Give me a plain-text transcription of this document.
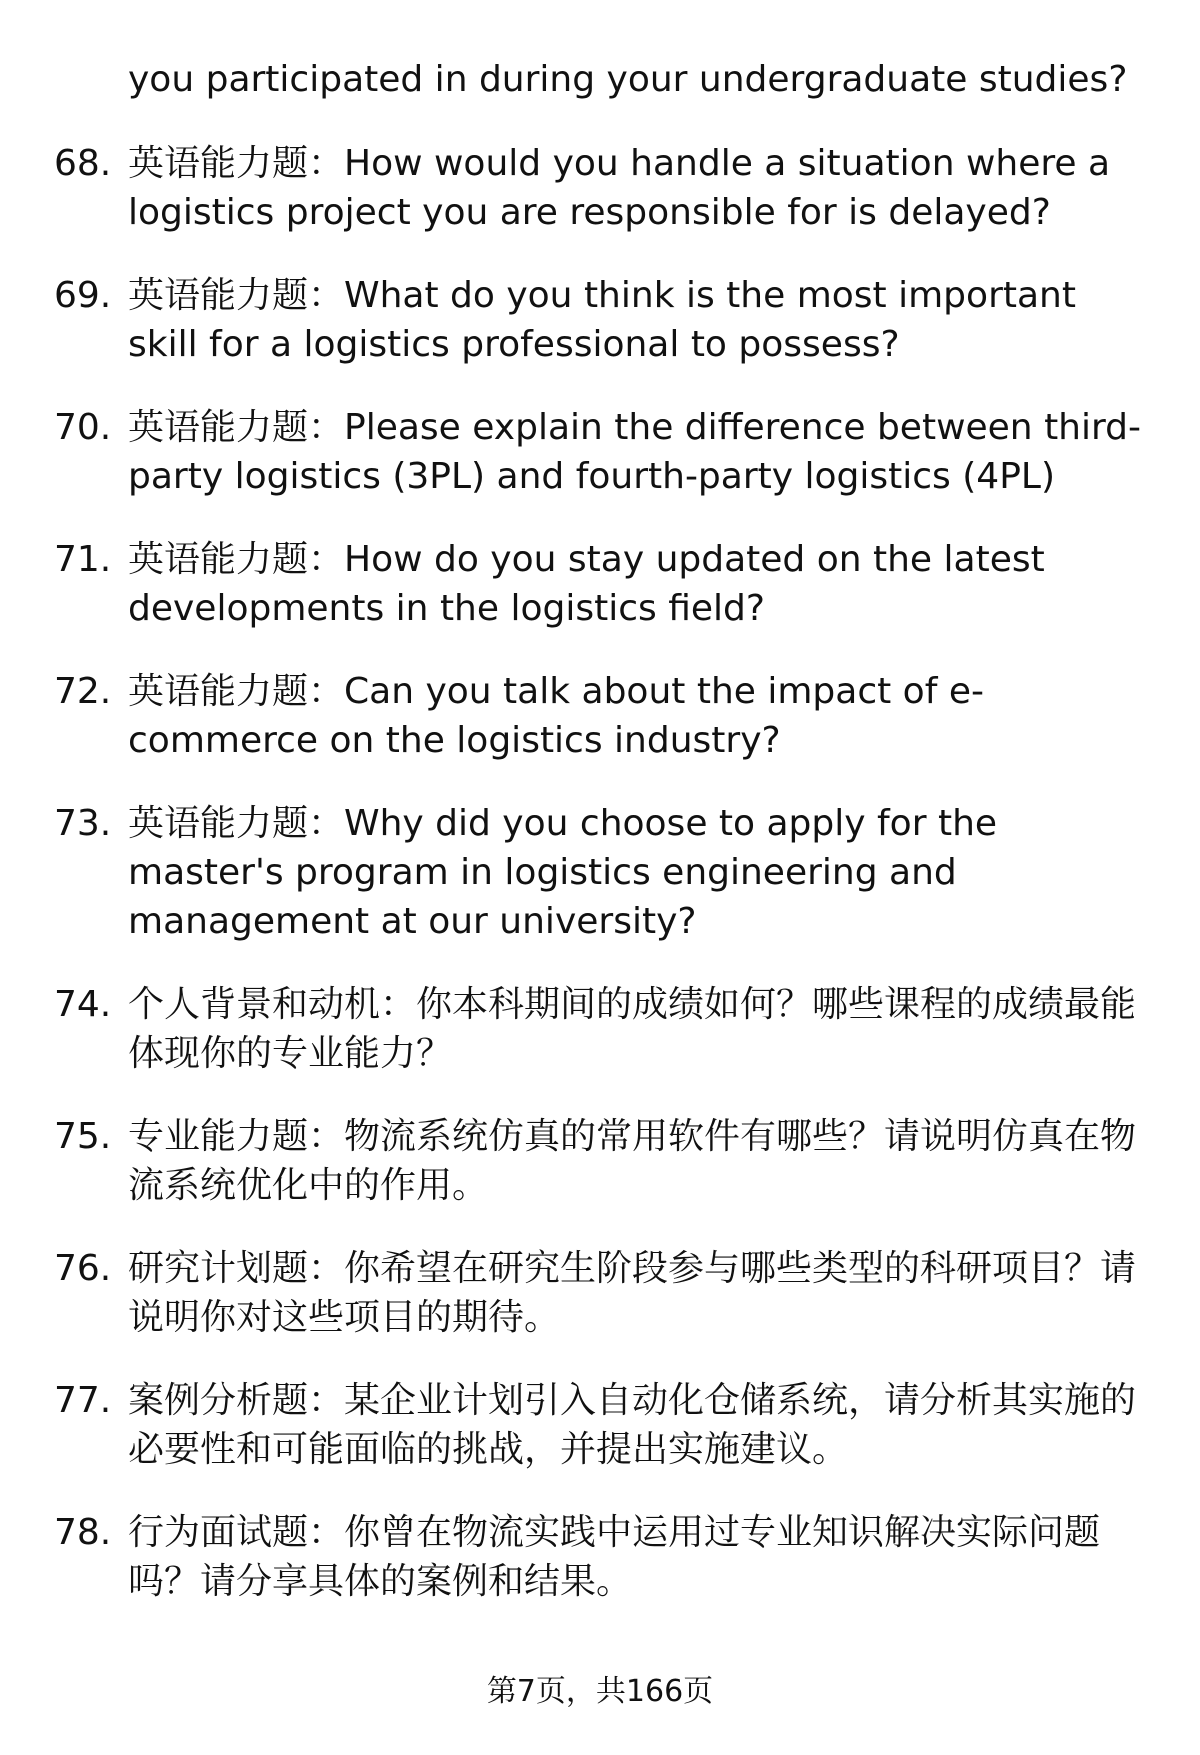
you participated in during your undergraduate studies?
68. 英语能力题：How would you handle a situation where a logistics project you are responsible for is delayed?
69. 英语能力题：What do you think is the most important skill for a logistics professional to possess?
70. 英语能力题：Please explain the difference between third-party logistics (3PL) and fourth-party logistics (4PL)
71. 英语能力题：How do you stay updated on the latest developments in the logistics field?
72. 英语能力题：Can you talk about the impact of e-commerce on the logistics industry?
73. 英语能力题：Why did you choose to apply for the master's program in logistics engineering and management at our university?
74. 个人背景和动机：你本科期间的成绩如何？哪些课程的成绩最能体现你的专业能力？
75. 专业能力题：物流系统仿真的常用软件有哪些？请说明仿真在物流系统优化中的作用。
76. 研究计划题：你希望在研究生阶段参与哪些类型的科研项目？请说明你对这些项目的期待。
77. 案例分析题：某企业计划引入自动化仓储系统，请分析其实施的必要性和可能面临的挑战，并提出实施建议。
78. 行为面试题：你曾在物流实践中运用过专业知识解决实际问题吗？请分享具体的案例和结果。
第7页，共166页
